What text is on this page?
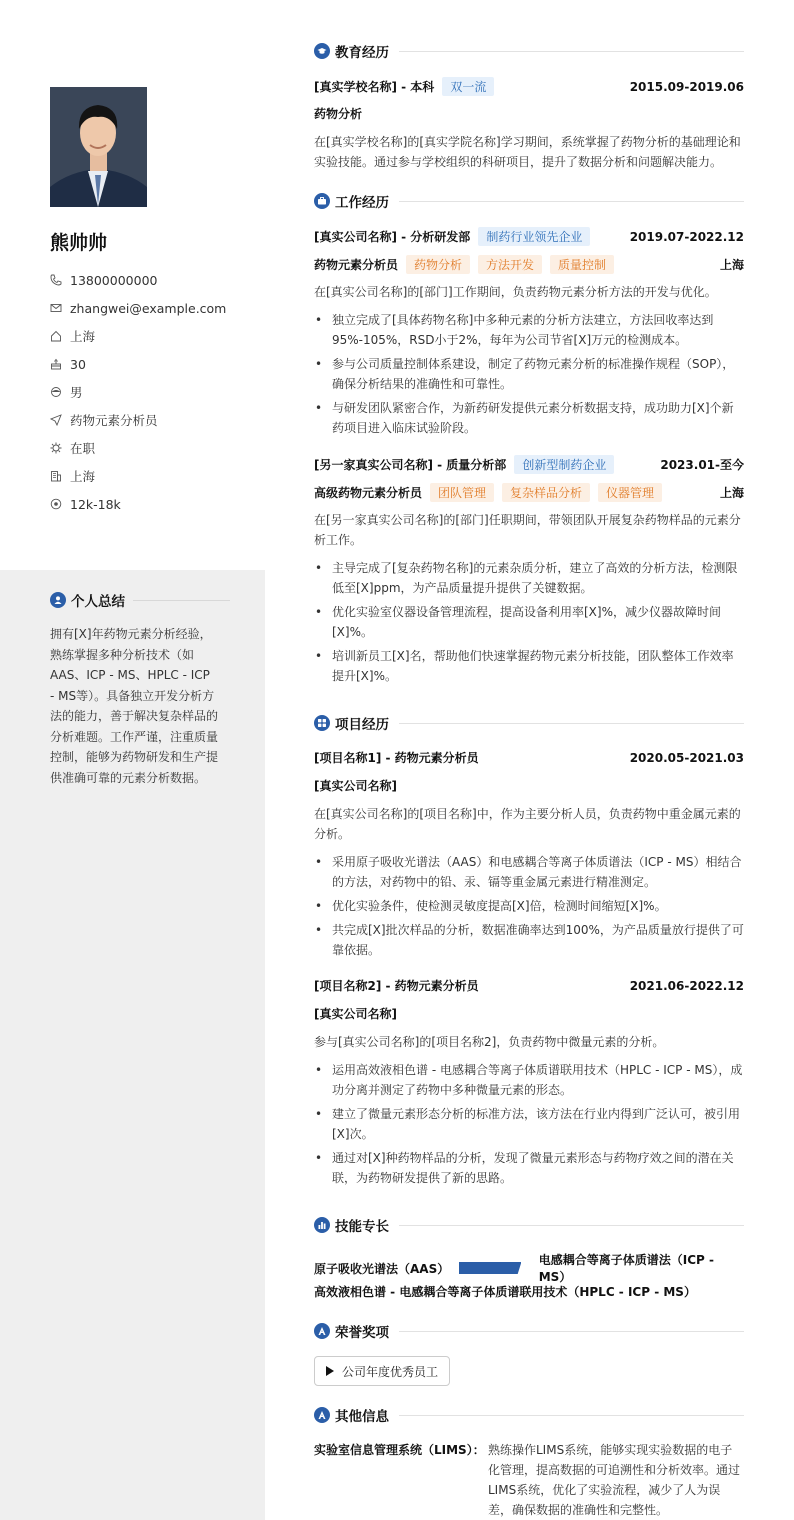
熊帅帅
13800000000
zhangwei@example.com
上海
30
男
药物元素分析员
在职
上海
12k-18k
个人总结
拥有[X]年药物元素分析经验，熟练掌握多种分析技术（如AAS、ICP - MS、HPLC - ICP - MS等）。具备独立开发分析方法的能力，善于解决复杂样品的分析难题。工作严谨，注重质量控制，能够为药物研发和生产提供准确可靠的元素分析数据。
教育经历
[真实学校名称] - 本科	双一流	2015.09-2019.06
药物分析
在[真实学校名称]的[真实学院名称]学习期间，系统掌握了药物分析的基础理论和实验技能。通过参与学校组织的科研项目，提升了数据分析和问题解决能力。
工作经历
[真实公司名称] - 分析研发部	制药行业领先企业	2019.07-2022.12
药物元素分析员	药物分析	方法开发	质量控制	上海
在[真实公司名称]的[部门]工作期间，负责药物元素分析方法的开发与优化。
• 独立完成了[具体药物名称]中多种元素的分析方法建立，方法回收率达到95%-105%，RSD小于2%，每年为公司节省[X]万元的检测成本。
• 参与公司质量控制体系建设，制定了药物元素分析的标准操作规程（SOP），确保分析结果的准确性和可靠性。
• 与研发团队紧密合作，为新药研发提供元素分析数据支持，成功助力[X]个新药项目进入临床试验阶段。
[另一家真实公司名称] - 质量分析部	创新型制药企业	2023.01-至今
高级药物元素分析员	团队管理	复杂样品分析	仪器管理	上海
在[另一家真实公司名称]的[部门]任职期间，带领团队开展复杂药物样品的元素分析工作。
• 主导完成了[复杂药物名称]的元素杂质分析，建立了高效的分析方法，检测限低至[X]ppm，为产品质量提升提供了关键数据。
• 优化实验室仪器设备管理流程，提高设备利用率[X]%，减少仪器故障时间[X]%。
• 培训新员工[X]名，帮助他们快速掌握药物元素分析技能，团队整体工作效率提升[X]%。
项目经历
[项目名称1] - 药物元素分析员	2020.05-2021.03
[真实公司名称]
在[真实公司名称]的[项目名称]中，作为主要分析人员，负责药物中重金属元素的分析。
• 采用原子吸收光谱法（AAS）和电感耦合等离子体质谱法（ICP - MS）相结合的方法，对药物中的铅、汞、镉等重金属元素进行精准测定。
• 优化实验条件，使检测灵敏度提高[X]倍，检测时间缩短[X]%。
• 共完成[X]批次样品的分析，数据准确率达到100%，为产品质量放行提供了可靠依据。
[项目名称2] - 药物元素分析员	2021.06-2022.12
[真实公司名称]
参与[真实公司名称]的[项目名称2]，负责药物中微量元素的分析。
• 运用高效液相色谱 - 电感耦合等离子体质谱联用技术（HPLC - ICP - MS），成功分离并测定了药物中多种微量元素的形态。
• 建立了微量元素形态分析的标准方法，该方法在行业内得到广泛认可，被引用[X]次。
• 通过对[X]种药物样品的分析，发现了微量元素形态与药物疗效之间的潜在关联，为药物研发提供了新的思路。
技能专长
原子吸收光谱法（AAS）
电感耦合等离子体质谱法（ICP - MS）
高效液相色谱 - 电感耦合等离子体质谱联用技术（HPLC - ICP - MS）
荣誉奖项
公司年度优秀员工
其他信息
实验室信息管理系统（LIMS）： 熟练操作LIMS系统，能够实现实验数据的电子化管理，提高数据的可追溯性和分析效率。通过LIMS系统，优化了实验流程，减少了人为误差，确保数据的准确性和完整性。
